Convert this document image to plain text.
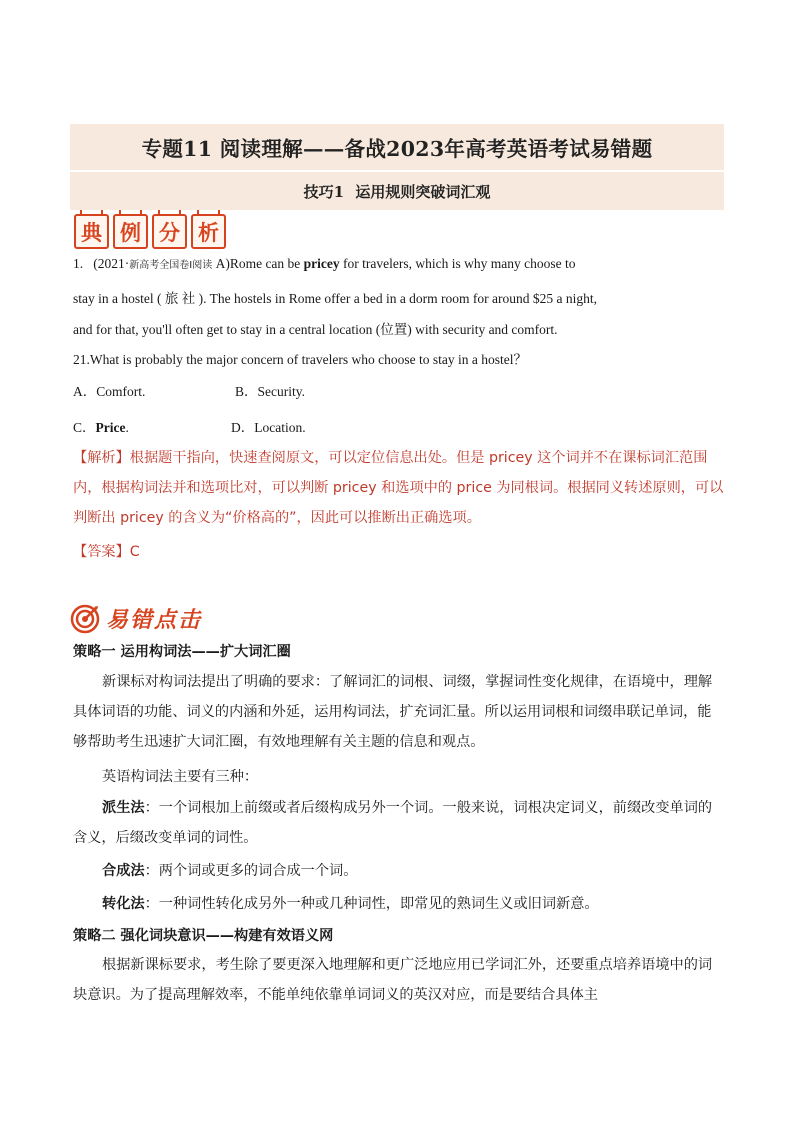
专题11 阅读理解——备战2023年高考英语考试易错题
技巧1 运用规则突破词汇观
典 例 分 析
1. (2021·新高考全国卷Ⅰ阅读 A)Rome can be pricey for travelers, which is why many choose to
stay in a hostel ( 旅 社 ). The hostels in Rome offer a bed in a dorm room for around $25 a night,
and for that, you'll often get to stay in a central location (位置) with security and comfort.
21.What is probably the major concern of travelers who choose to stay in a hostel？
A．Comfort.	B．Security.
C．Price.	D．Location.
【解析】根据题干指向，快速查阅原文，可以定位信息出处。但是 pricey 这个词并不在课标词汇范围内，根据构词法并和选项比对，可以判断 pricey 和选项中的 price 为同根词。根据同义转述原则，可以判断出 pricey 的含义为“价格高的”，因此可以推断出正确选项。
【答案】C
易错点击
策略一 运用构词法——扩大词汇圈
新课标对构词法提出了明确的要求：了解词汇的词根、词缀，掌握词性变化规律，在语境中，理解具体词语的功能、词义的内涵和外延，运用构词法，扩充词汇量。所以运用词根和词缀串联记单词，能够帮助考生迅速扩大词汇圈，有效地理解有关主题的信息和观点。
英语构词法主要有三种：
派生法：一个词根加上前缀或者后缀构成另外一个词。一般来说，词根决定词义，前缀改变单词的含义，后缀改变单词的词性。
合成法：两个词或更多的词合成一个词。
转化法：一种词性转化成另外一种或几种词性，即常见的熟词生义或旧词新意。
策略二 强化词块意识——构建有效语义网
根据新课标要求，考生除了要更深入地理解和更广泛地应用已学词汇外，还要重点培养语境中的词块意识。为了提高理解效率，不能单纯依靠单词词义的英汉对应，而是要结合具体主
